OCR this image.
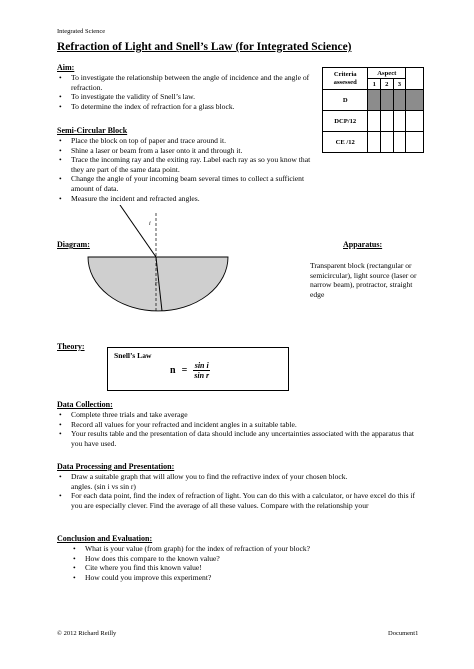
Integrated Science
Refraction of Light and Snell’s Law (for Integrated Science)
Aim:
• To investigate the relationship between the angle of incidence and the angle of refraction.
• To investigate the validity of Snell’s law.
• To determine the index of refraction for a glass block.
Criteria assessed	Aspect			
	1	2	3	
D				
DCP/12				
CE /12				
Semi-Circular Block
• Place the block on top of paper and trace around it.
• Shine a laser or beam from a laser onto it and through it.
• Trace the incoming ray and the exiting ray. Label each ray as so you know that they are part of the same data point.
• Change the angle of your incoming beam several times to collect a sufficient amount of data.
• Measure the incident and refracted angles.
Diagram:
i
r
Apparatus:
Transparent block (rectangular or semicircular), light source (laser or narrow beam), protractor, straight edge
Theory:
Snell’s Law
$n = \frac{\text{sin i}}{\text{sin r}}$
Data Collection:
• Complete three trials and take average
• Record all values for your refracted and incident angles in a suitable table.
• Your results table and the presentation of data should include any uncertainties associated with the apparatus that you have used.
Data Processing and Presentation:
• Draw a suitable graph that will allow you to find the refractive index of your chosen block.
angles. (sin i vs sin r)
• For each data point, find the index of refraction of light. You can do this with a calculator, or have excel do this if you are especially clever. Find the average of all these values. Compare with the relationship your
Conclusion and Evaluation:
• What is your value (from graph) for the index of refraction of your block?
• How does this compare to the known value?
• Cite where you find this known value!
• How could you improve this experiment?
© 2012 Richard Reilly	Document1
